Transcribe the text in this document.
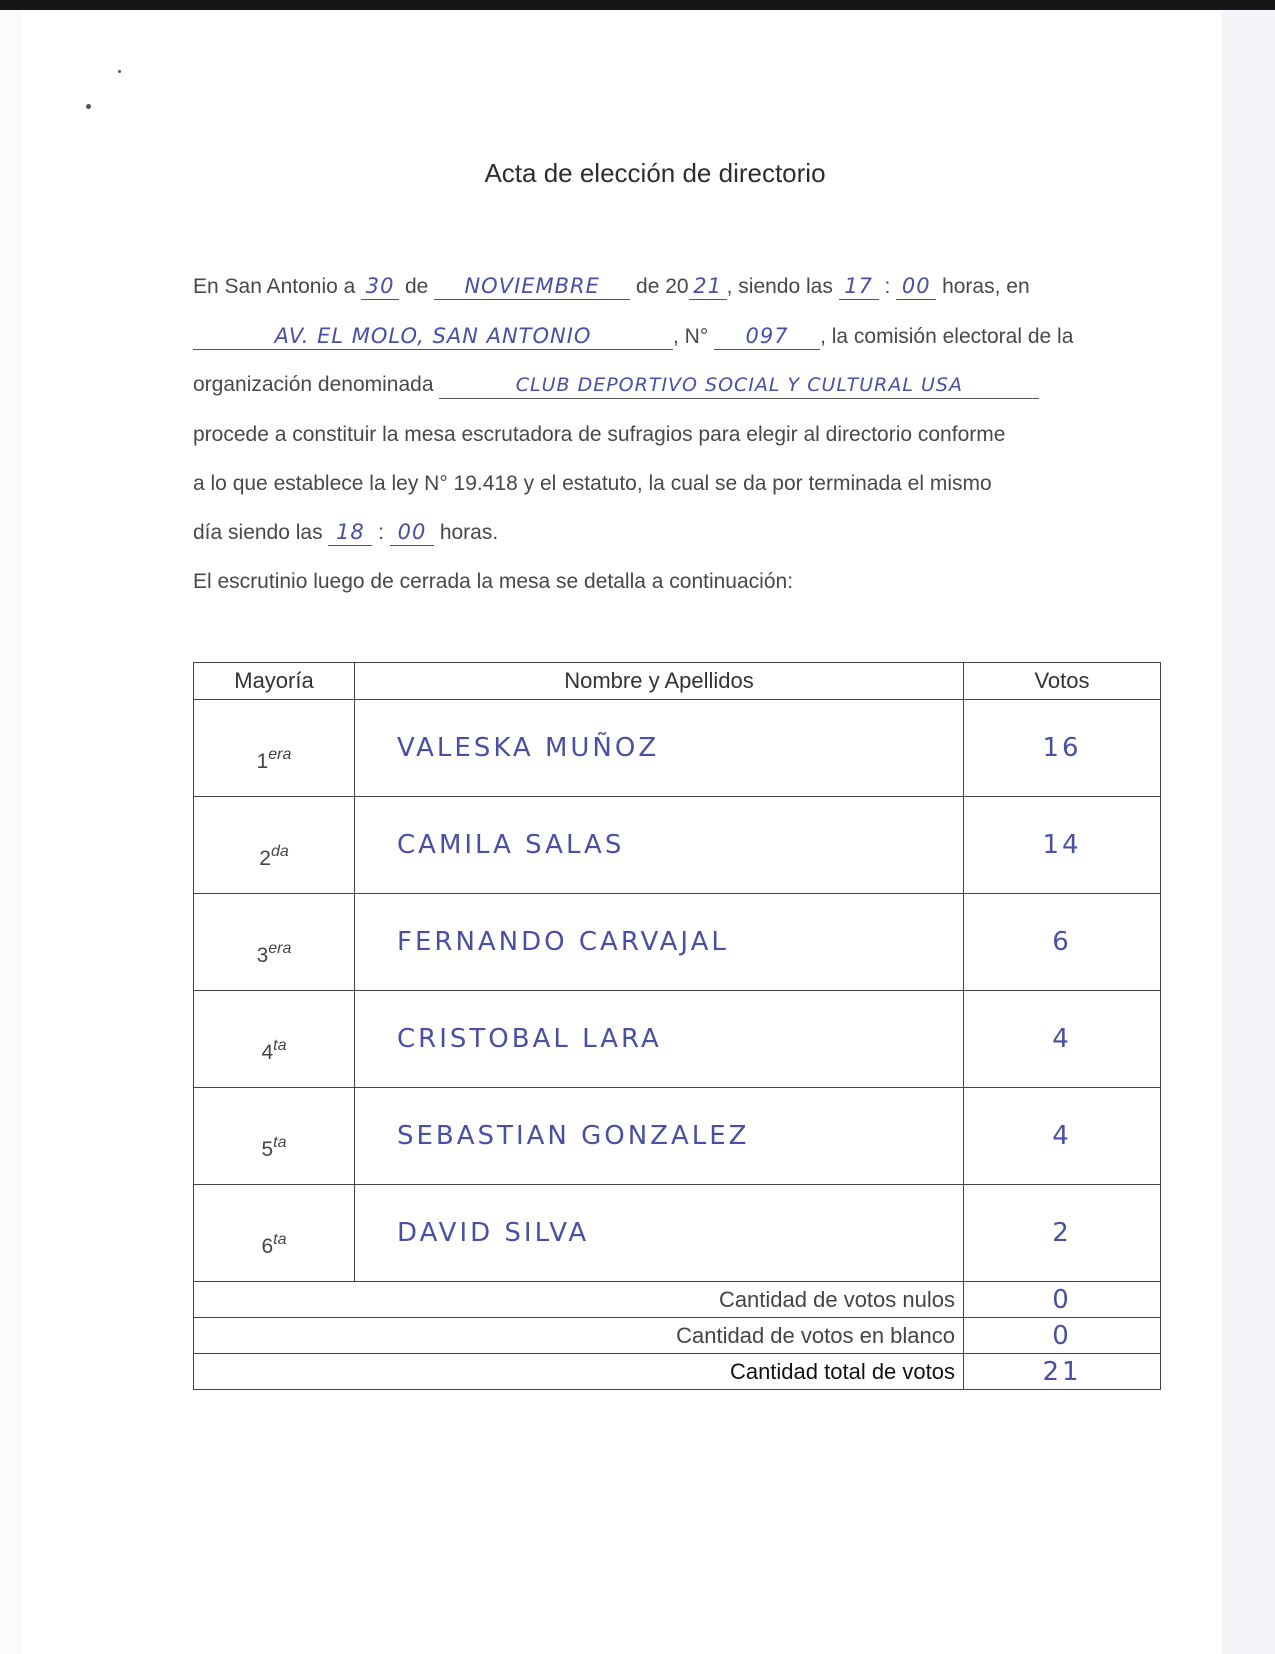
Acta de elección de directorio
En San Antonio a 30 de NOVIEMBRE de 20 21 , siendo las 17 : 00 horas, en
AV. EL MOLO, SAN ANTONIO	, N° 097 , la comisión electoral de la
organización denominada	CLUB DEPORTIVO SOCIAL Y CULTURAL USA
procede a constituir la mesa escrutadora de sufragios para elegir al directorio conforme
a lo que establece la ley N° 19.418 y el estatuto, la cual se da por terminada el mismo
día siendo las 18 : 00 horas.
El escrutinio luego de cerrada la mesa se detalla a continuación:
Mayoría	Nombre y Apellidos	Votos
$1^{era}$	VALESKA MUÑOZ	16
$2^{da}$	CAMILA SALAS	14
$3^{era}$	FERNANDO CARVAJAL	6
$4^{ta}$	CRISTOBAL LARA	4
$5^{ta}$	SEBASTIAN GONZALEZ	4
$6^{ta}$	DAVID SILVA	2
Cantidad de votos nulos		0
Cantidad de votos en blanco		0
Cantidad total de votos		21
